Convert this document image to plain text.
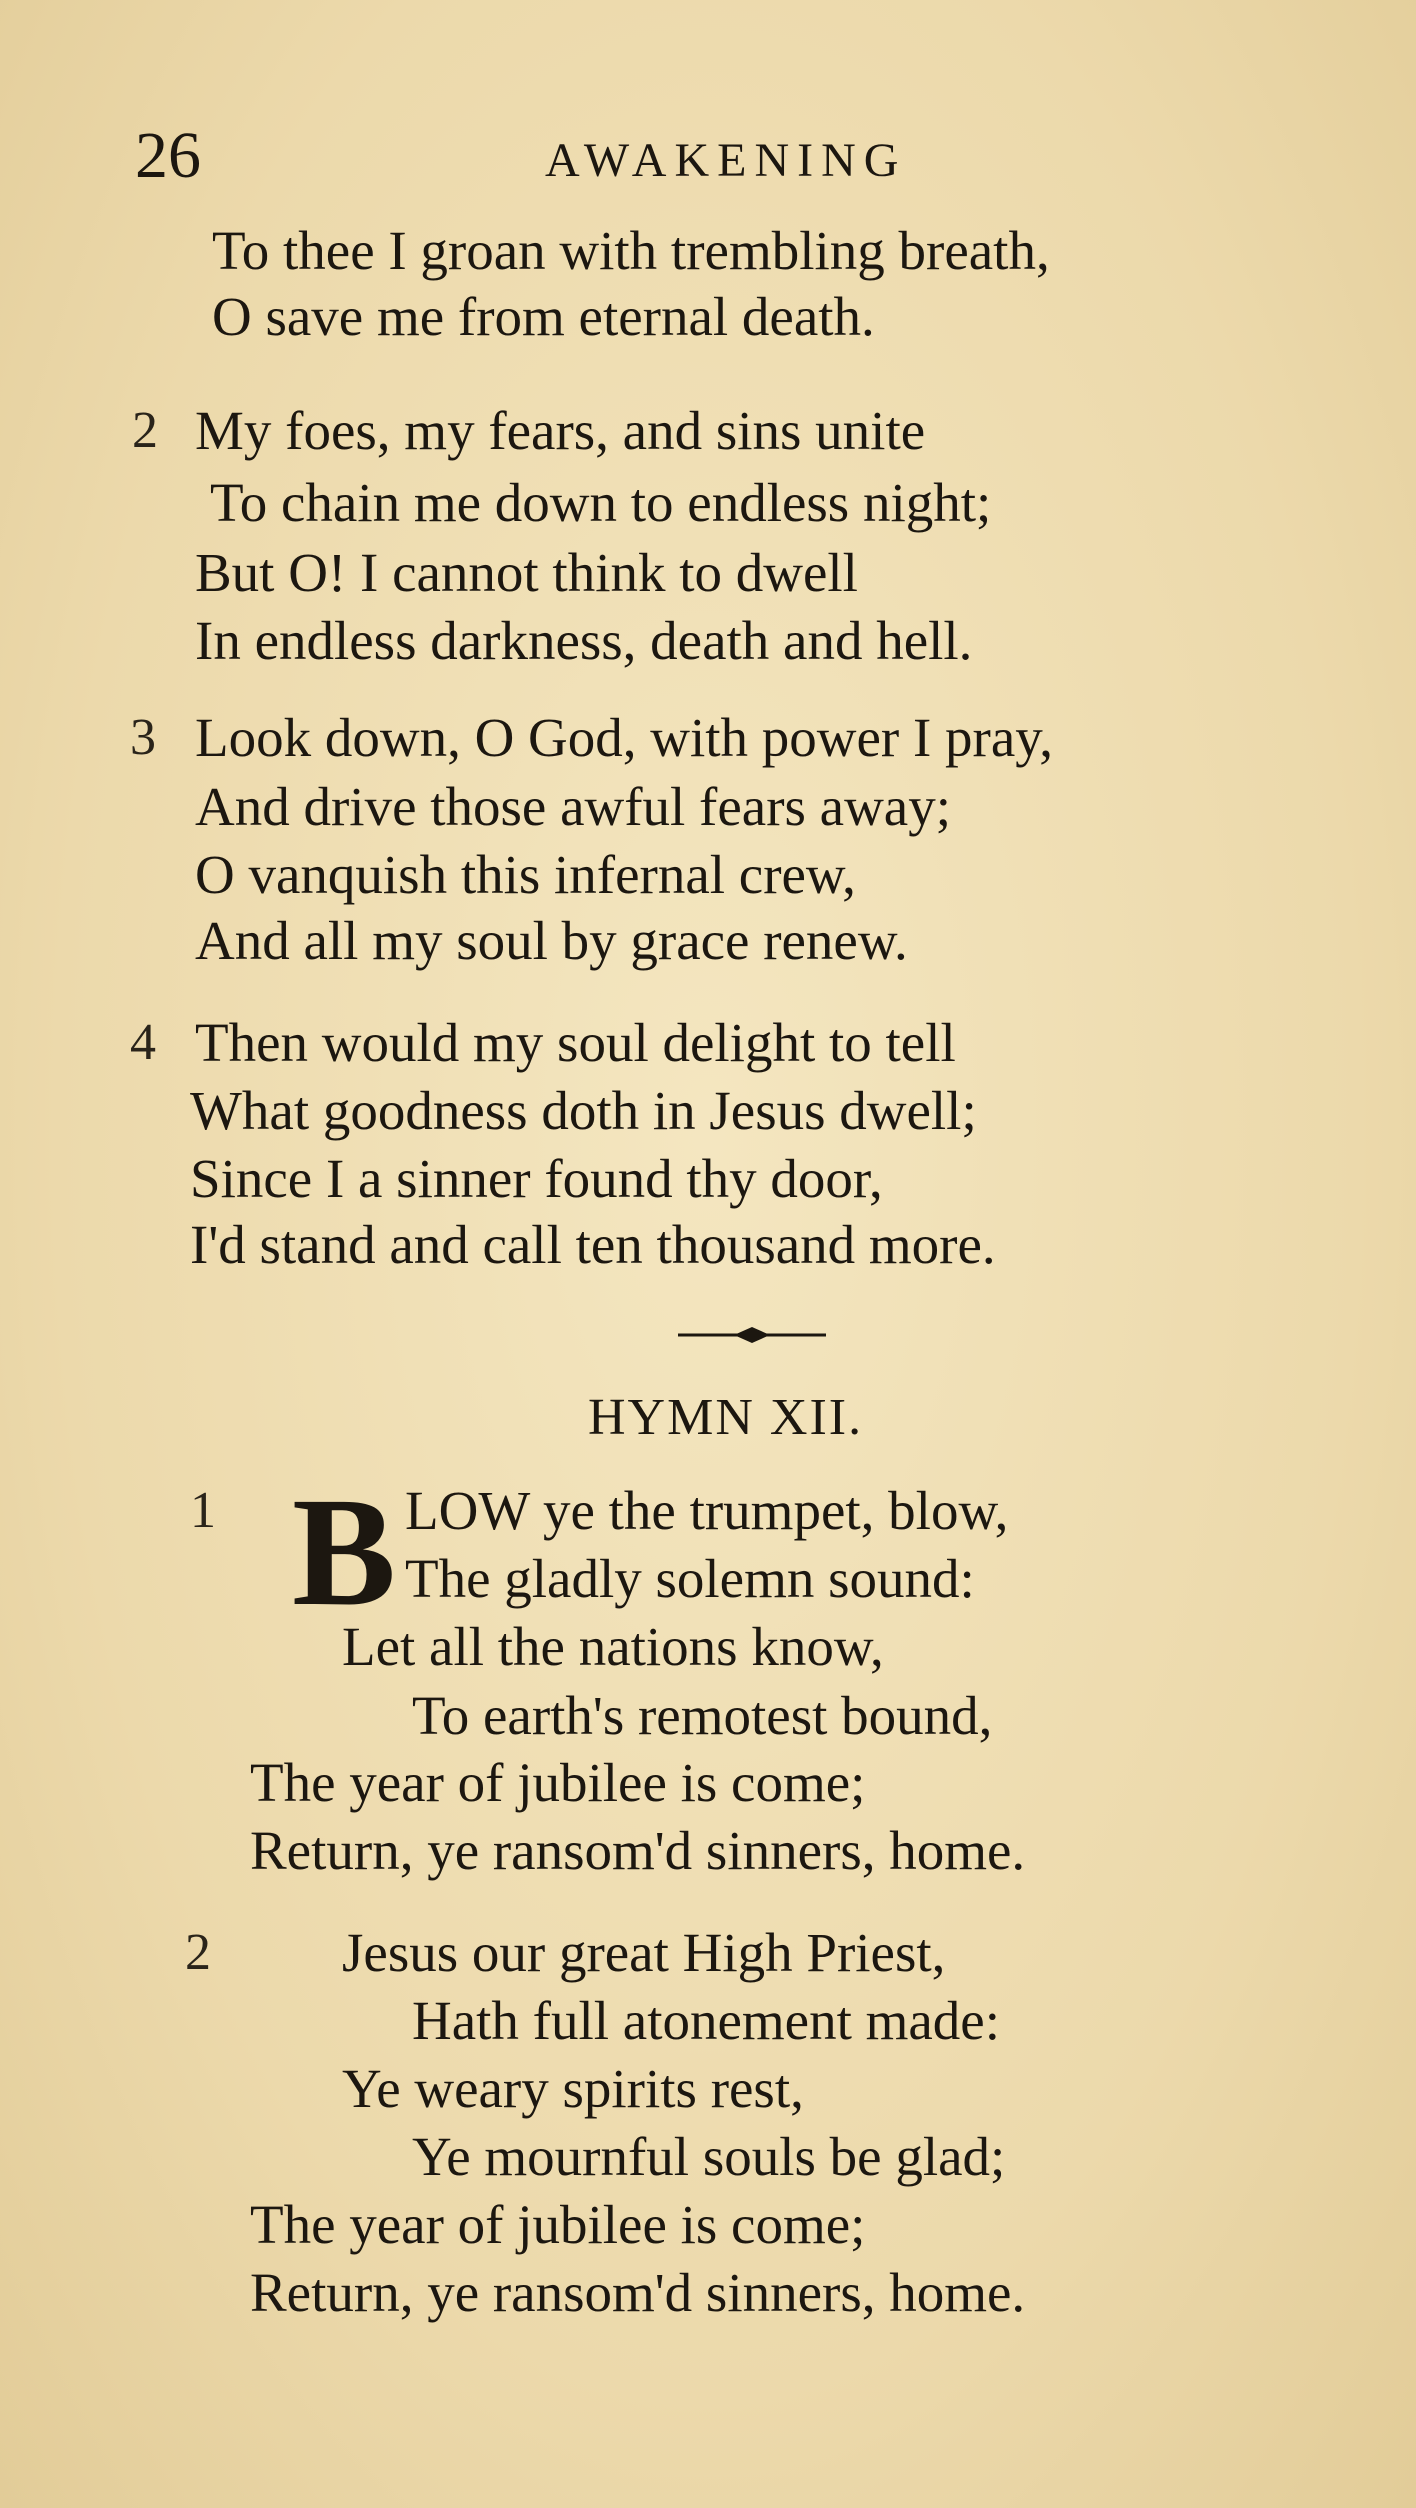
26	AWAKENING
To thee I groan with trembling breath,
O save me from eternal death.
2 My foes, my fears, and sins unite
To chain me down to endless night;
But O! I cannot think to dwell
In endless darkness, death and hell.
3 Look down, O God, with power I pray,
And drive those awful fears away;
O vanquish this infernal crew,
And all my soul by grace renew.
4 Then would my soul delight to tell
What goodness doth in Jesus dwell;
Since I a sinner found thy door,
I'd stand and call ten thousand more.
HYMN XII.
1 B LOW ye the trumpet, blow,
The gladly solemn sound:
Let all the nations know,
To earth's remotest bound,
The year of jubilee is come;
Return, ye ransom'd sinners, home.
2 Jesus our great High Priest,
Hath full atonement made:
Ye weary spirits rest,
Ye mournful souls be glad;
The year of jubilee is come;
Return, ye ransom'd sinners, home.
